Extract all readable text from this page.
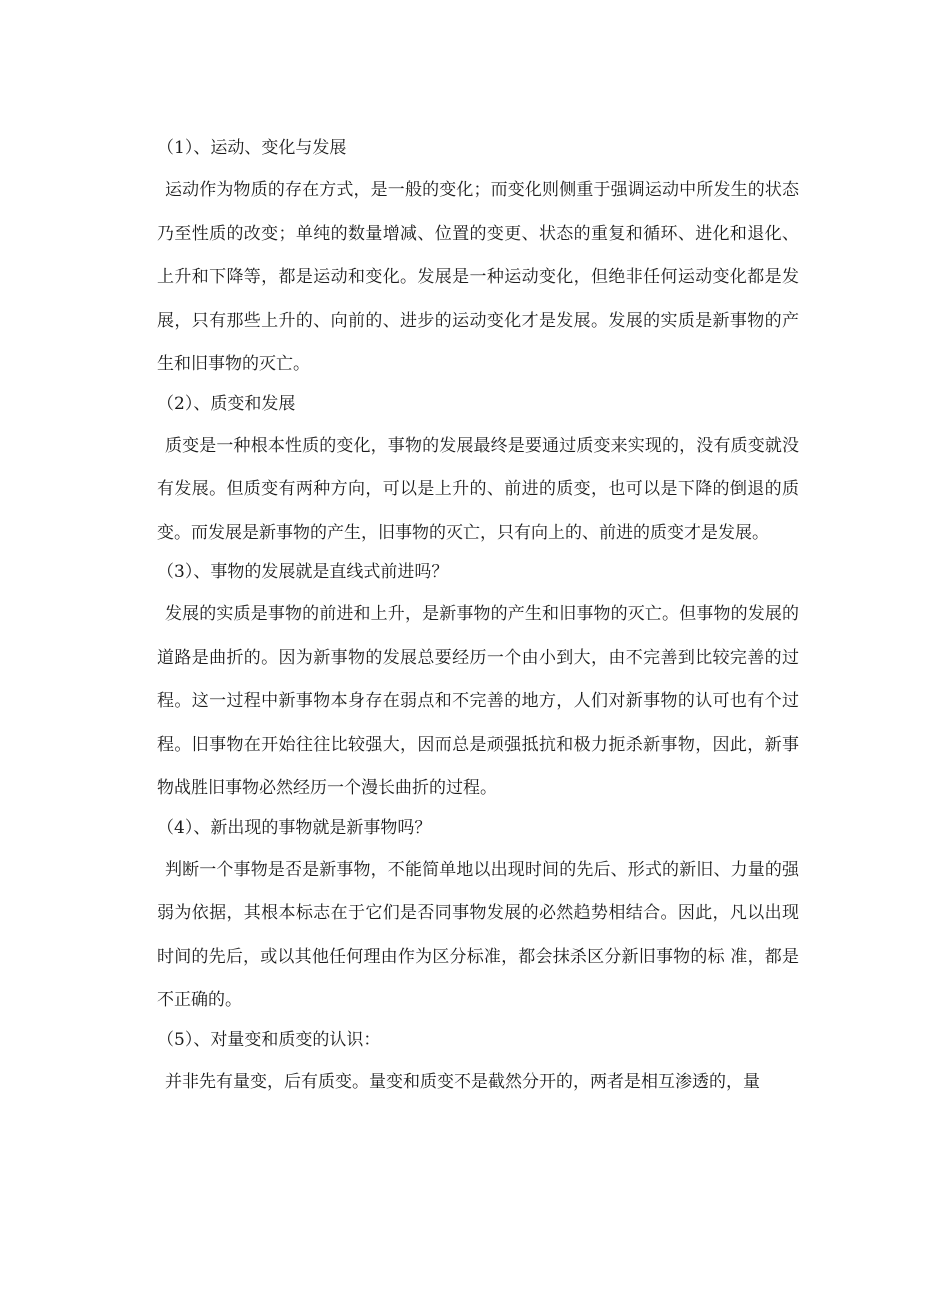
（1）、运动、变化与发展
运动作为物质的存在方式，是一般的变化；而变化则侧重于强调运动中所发生的状态乃至性质的改变；单纯的数量增减、位置的变更、状态的重复和循环、进化和退化、上升和下降等，都是运动和变化。发展是一种运动变化，但绝非任何运动变化都是发展，只有那些上升的、向前的、进步的运动变化才是发展。发展的实质是新事物的产生和旧事物的灭亡。
（2）、质变和发展
质变是一种根本性质的变化，事物的发展最终是要通过质变来实现的，没有质变就没有发展。但质变有两种方向，可以是上升的、前进的质变，也可以是下降的倒退的质变。而发展是新事物的产生，旧事物的灭亡，只有向上的、前进的质变才是发展。
（3）、事物的发展就是直线式前进吗？
发展的实质是事物的前进和上升，是新事物的产生和旧事物的灭亡。但事物的发展的道路是曲折的。因为新事物的发展总要经历一个由小到大，由不完善到比较完善的过程。这一过程中新事物本身存在弱点和不完善的地方，人们对新事物的认可也有个过程。旧事物在开始往往比较强大，因而总是顽强抵抗和极力扼杀新事物，因此，新事物战胜旧事物必然经历一个漫长曲折的过程。
（4）、新出现的事物就是新事物吗？
判断一个事物是否是新事物，不能简单地以出现时间的先后、形式的新旧、力量的强弱为依据，其根本标志在于它们是否同事物发展的必然趋势相结合。因此，凡以出现时间的先后，或以其他任何理由作为区分标准，都会抹杀区分新旧事物的标 准，都是不正确的。
（5）、对量变和质变的认识：
并非先有量变，后有质变。量变和质变不是截然分开的，两者是相互渗透的，量
